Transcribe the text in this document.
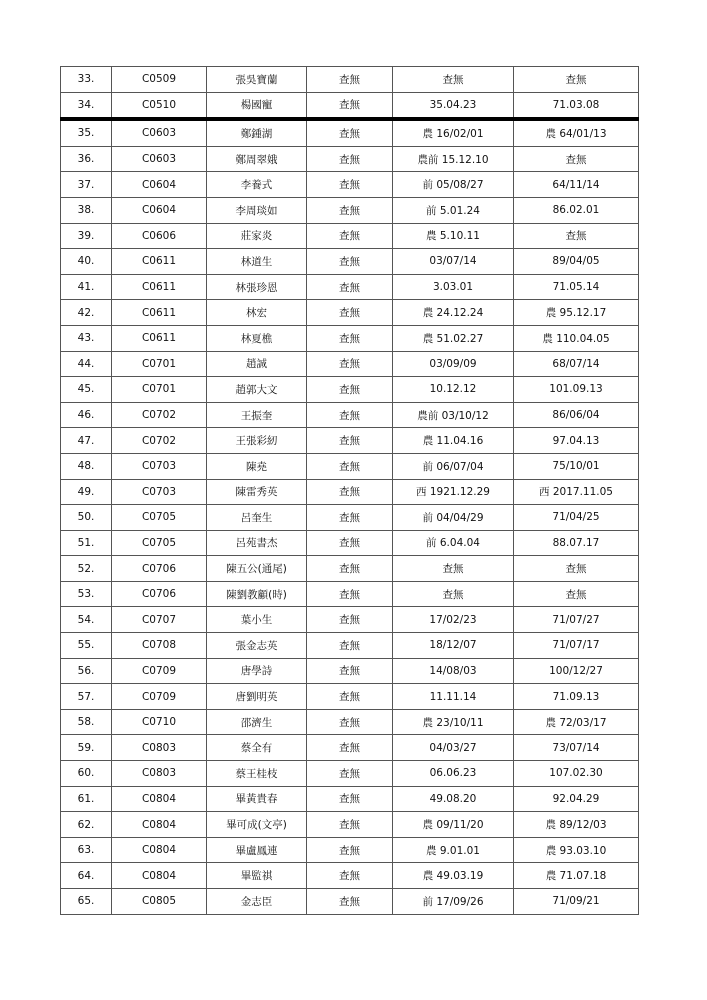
33.	C0509	張吳寶蘭	查無	查無	查無
34.	C0510	楊國寵	查無	35.04.23	71.03.08
35.	C0603	鄭鍾湖	查無	農 16/02/01	農 64/01/13
36.	C0603	鄭周翠娥	查無	農前 15.12.10	查無
37.	C0604	李養式	查無	前 05/08/27	64/11/14
38.	C0604	李周琰如	查無	前 5.01.24	86.02.01
39.	C0606	莊家炎	查無	農 5.10.11	查無
40.	C0611	林道生	查無	03/07/14	89/04/05
41.	C0611	林張珍恩	查無	3.03.01	71.05.14
42.	C0611	林宏	查無	農 24.12.24	農 95.12.17
43.	C0611	林夏樵	查無	農 51.02.27	農 110.04.05
44.	C0701	趙誠	查無	03/09/09	68/07/14
45.	C0701	趙郭大文	查無	10.12.12	101.09.13
46.	C0702	王振奎	查無	農前 03/10/12	86/06/04
47.	C0702	王張彩紉	查無	農 11.04.16	97.04.13
48.	C0703	陳堯	查無	前 06/07/04	75/10/01
49.	C0703	陳雷秀英	查無	西 1921.12.29	西 2017.11.05
50.	C0705	呂奎生	查無	前 04/04/29	71/04/25
51.	C0705	呂苑書杰	查無	前 6.04.04	88.07.17
52.	C0706	陳五公(通尾)	查無	查無	查無
53.	C0706	陳劉教顧(時)	查無	查無	查無
54.	C0707	葉小生	查無	17/02/23	71/07/27
55.	C0708	張金志英	查無	18/12/07	71/07/17
56.	C0709	唐學詩	查無	14/08/03	100/12/27
57.	C0709	唐劉明英	查無	11.11.14	71.09.13
58.	C0710	邵濟生	查無	農 23/10/11	農 72/03/17
59.	C0803	蔡全有	查無	04/03/27	73/07/14
60.	C0803	蔡王桂枝	查無	06.06.23	107.02.30
61.	C0804	畢黃貴春	查無	49.08.20	92.04.29
62.	C0804	畢可成(文亭)	查無	農 09/11/20	農 89/12/03
63.	C0804	畢盧鳳連	查無	農 9.01.01	農 93.03.10
64.	C0804	畢監祺	查無	農 49.03.19	農 71.07.18
65.	C0805	金志臣	查無	前 17/09/26	71/09/21
